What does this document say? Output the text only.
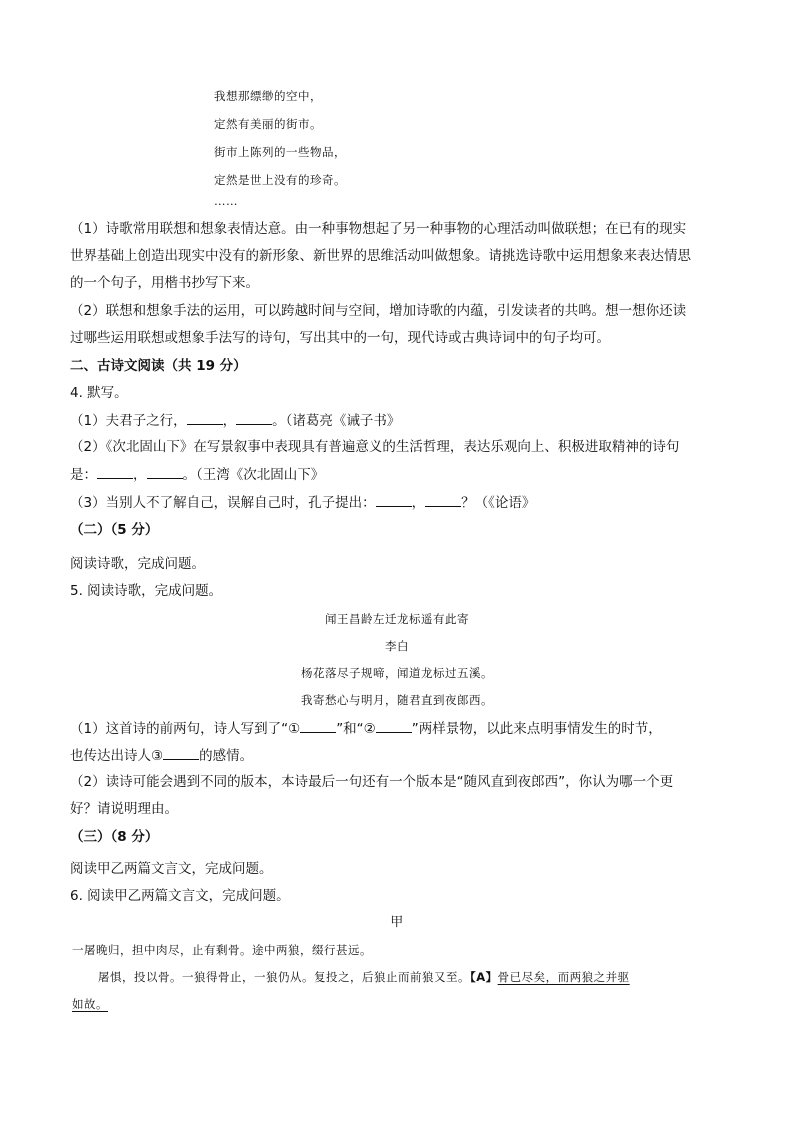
我想那缥缈的空中，
定然有美丽的街市。
街市上陈列的一些物品，
定然是世上没有的珍奇。
……
（1）诗歌常用联想和想象表情达意。由一种事物想起了另一种事物的心理活动叫做联想；在已有的现实
世界基础上创造出现实中没有的新形象、新世界的思维活动叫做想象。请挑选诗歌中运用想象来表达情思
的一个句子，用楷书抄写下来。
（2）联想和想象手法的运用，可以跨越时间与空间，增加诗歌的内蕴，引发读者的共鸣。想一想你还读
过哪些运用联想或想象手法写的诗句，写出其中的一句，现代诗或古典诗词中的句子均可。
二、古诗文阅读（共 19 分）
4. 默写。
（1）夫君子之行，	，	。（诸葛亮《诫子书》
（2）《次北固山下》在写景叙事中表现具有普遍意义的生活哲理，表达乐观向上、积极进取精神的诗句
是：	，	。（王湾《次北固山下》
（3）当别人不了解自己，误解自己时，孔子提出：	，	？（《论语》
（二）（5 分）
阅读诗歌，完成问题。
5. 阅读诗歌，完成问题。
闻王昌龄左迁龙标遥有此寄
李白
杨花落尽子规啼，闻道龙标过五溪。
我寄愁心与明月，随君直到夜郎西。
（1）这首诗的前两句，诗人写到了“①	”和“②	”两样景物，以此来点明事情发生的时节，
也传达出诗人③	的感情。
（2）读诗可能会遇到不同的版本，本诗最后一句还有一个版本是“随风直到夜郎西”，你认为哪一个更
好？请说明理由。
（三）（8 分）
阅读甲乙两篇文言文，完成问题。
6. 阅读甲乙两篇文言文，完成问题。
甲
一屠晚归，担中肉尽，止有剩骨。途中两狼，缀行甚远。
屠惧，投以骨。一狼得骨止，一狼仍从。复投之，后狼止而前狼又至。【A】骨已尽矣，而两狼之并驱
如故。
